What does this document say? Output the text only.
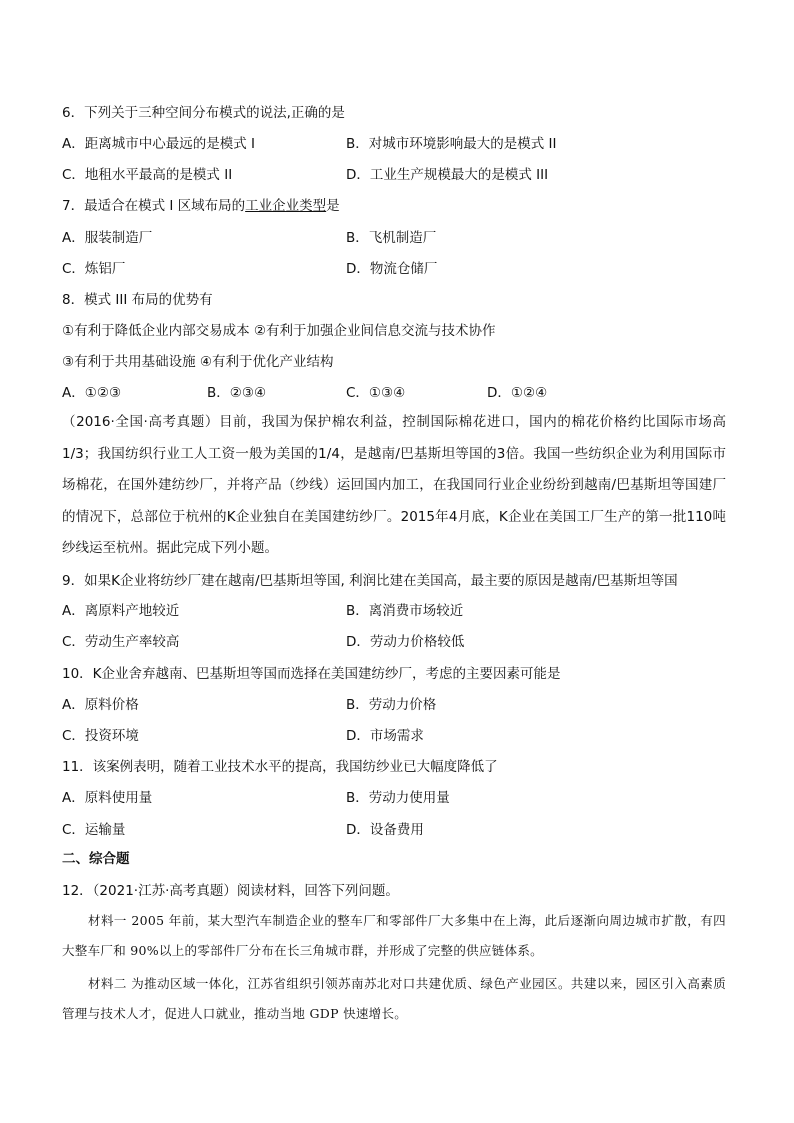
6．下列关于三种空间分布模式的说法,正确的是
A．距离城市中心最远的是模式 I	B．对城市环境影响最大的是模式 II
C．地租水平最高的是模式 II	D．工业生产规模最大的是模式 III
7．最适合在模式 I 区域布局的工业企业类型是
A．服装制造厂	B．飞机制造厂
C．炼铝厂	D．物流仓储厂
8．模式 III 布局的优势有
①有利于降低企业内部交易成本 ②有利于加强企业间信息交流与技术协作
③有利于共用基础设施 ④有利于优化产业结构
A．①②③	B．②③④	C．①③④	D．①②④
（2016·全国·高考真题）目前，我国为保护棉农利益，控制国际棉花进口，国内的棉花价格约比国际市场高1/3；我国纺织行业工人工资一般为美国的1/4，是越南/巴基斯坦等国的3倍。我国一些纺织企业为利用国际市场棉花，在国外建纺纱厂，并将产品（纱线）运回国内加工，在我国同行业企业纷纷到越南/巴基斯坦等国建厂的情况下，总部位于杭州的K企业独自在美国建纺纱厂。2015年4月底，K企业在美国工厂生产的第一批110吨纱线运至杭州。据此完成下列小题。
9．如果K企业将纺纱厂建在越南/巴基斯坦等国, 利润比建在美国高，最主要的原因是越南/巴基斯坦等国
A．离原料产地较近	B．离消费市场较近
C．劳动生产率较高	D．劳动力价格较低
10．K企业舍弃越南、巴基斯坦等国而选择在美国建纺纱厂，考虑的主要因素可能是
A．原料价格	B．劳动力价格
C．投资环境	D．市场需求
11．该案例表明，随着工业技术水平的提高，我国纺纱业已大幅度降低了
A．原料使用量	B．劳动力使用量
C．运输量	D．设备费用
二、综合题
12．（2021·江苏·高考真题）阅读材料，回答下列问题。
材料一 2005 年前，某大型汽车制造企业的整车厂和零部件厂大多集中在上海，此后逐渐向周边城市扩散，有四大整车厂和 90%以上的零部件厂分布在长三角城市群，并形成了完整的供应链体系。
材料二 为推动区域一体化，江苏省组织引领苏南苏北对口共建优质、绿色产业园区。共建以来，园区引入高素质管理与技术人才，促进人口就业，推动当地 GDP 快速增长。
